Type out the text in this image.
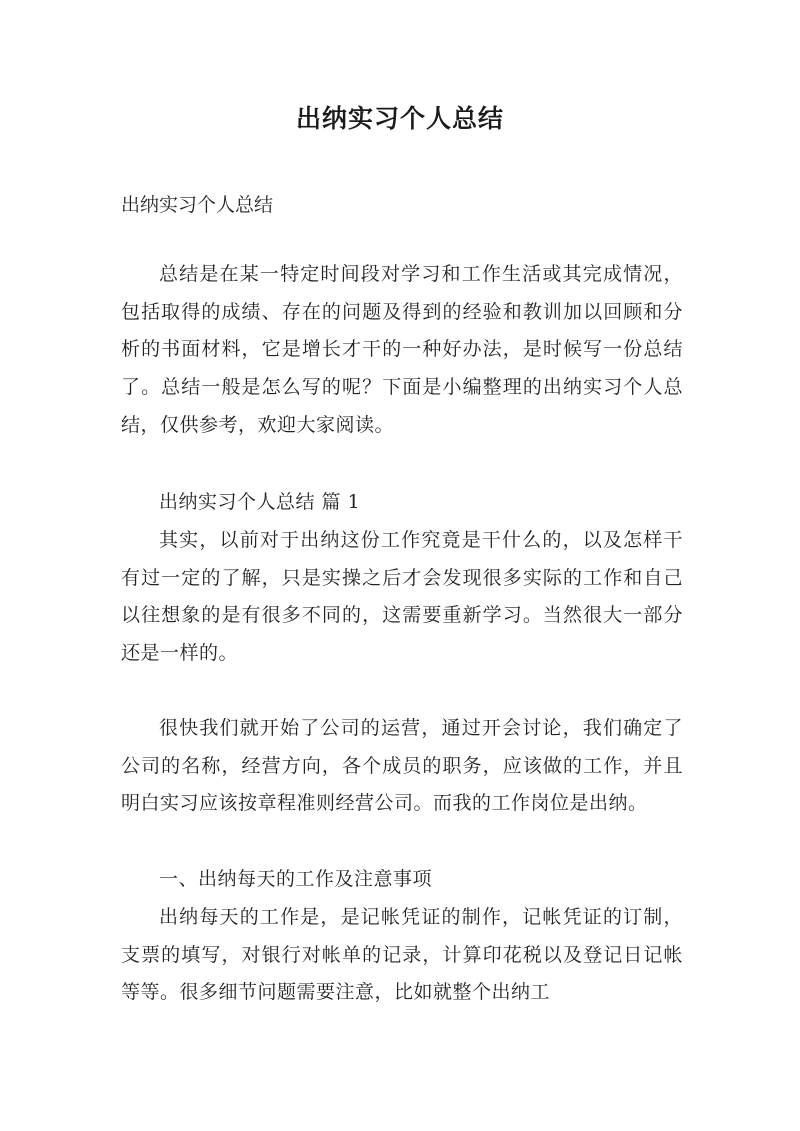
出纳实习个人总结

出纳实习个人总结

总结是在某一特定时间段对学习和工作生活或其完成情况，包括取得的成绩、存在的问题及得到的经验和教训加以回顾和分析的书面材料，它是增长才干的一种好办法，是时候写一份总结了。总结一般是怎么写的呢？下面是小编整理的出纳实习个人总结，仅供参考，欢迎大家阅读。

出纳实习个人总结 篇 1

其实，以前对于出纳这份工作究竟是干什么的，以及怎样干有过一定的了解，只是实操之后才会发现很多实际的工作和自己以往想象的是有很多不同的，这需要重新学习。当然很大一部分还是一样的。

很快我们就开始了公司的运营，通过开会讨论，我们确定了公司的名称，经营方向，各个成员的职务，应该做的工作，并且明白实习应该按章程准则经营公司。而我的工作岗位是出纳。

一、出纳每天的工作及注意事项

出纳每天的工作是，是记帐凭证的制作，记帐凭证的订制，支票的填写，对银行对帐单的记录，计算印花税以及登记日记帐等等。很多细节问题需要注意，比如就整个出纳工
